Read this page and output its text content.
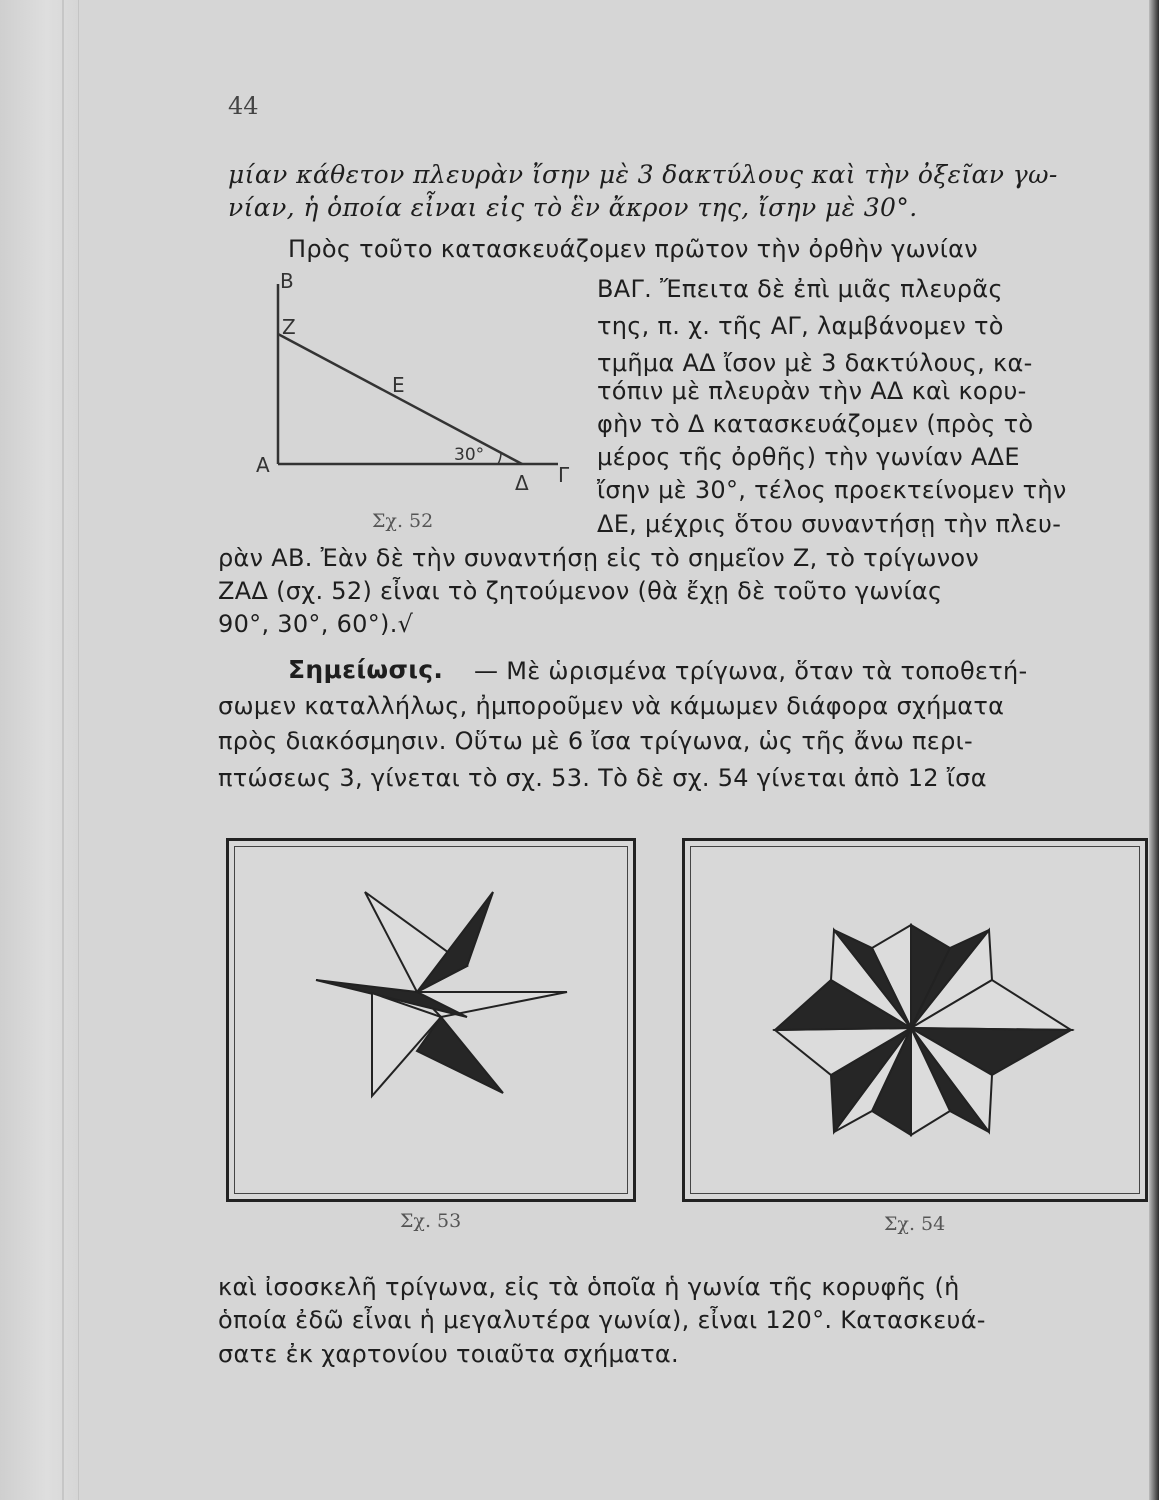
44
μίαν κάθετον πλευρὰν ἴσην μὲ 3 δακτύλους καὶ τὴν ὀξεῖαν γω-
νίαν, ἡ ὁποία εἶναι εἰς τὸ ἓν ἄκρον της, ἴσην μὲ 30°.
Πρὸς τοῦτο κατασκευάζομεν πρῶτον τὴν ὀρθὴν γωνίαν
ΒΑΓ. Ἔπειτα δὲ ἐπὶ μιᾶς πλευρᾶς
της, π. χ. τῆς ΑΓ, λαμβάνομεν τὸ
τμῆμα ΑΔ ἴσον μὲ 3 δακτύλους, κα-
τόπιν μὲ πλευρὰν τὴν ΑΔ καὶ κορυ-
φὴν τὸ Δ κατασκευάζομεν (πρὸς τὸ
μέρος τῆς ὀρθῆς) τὴν γωνίαν ΑΔΕ
ἴσην μὲ 30°, τέλος προεκτείνομεν τὴν
ΔΕ, μέχρις ὅτου συναντήσῃ τὴν πλευ-
ρὰν ΑΒ. Ἐὰν δὲ τὴν συναντήσῃ εἰς τὸ σημεῖον Ζ, τὸ τρίγωνον
ΖΑΔ (σχ. 52) εἶναι τὸ ζητούμενον (θὰ ἔχῃ δὲ τοῦτο γωνίας
90°, 30°, 60°).√
Σημείωσις. — Μὲ ὡρισμένα τρίγωνα, ὅταν τὰ τοποθετή-
σωμεν καταλλήλως, ἠμποροῦμεν νὰ κάμωμεν διάφορα σχήματα
πρὸς διακόσμησιν. Οὕτω μὲ 6 ἴσα τρίγωνα, ὡς τῆς ἄνω περι-
πτώσεως 3, γίνεται τὸ σχ. 53. Τὸ δὲ σχ. 54 γίνεται ἀπὸ 12 ἴσα
B
Z
E
Α	30°
Δ Γ
Σχ. 52
Σχ. 53	Σχ. 54
καὶ ἰσοσκελῆ τρίγωνα, εἰς τὰ ὁποῖα ἡ γωνία τῆς κορυφῆς (ἡ
ὁποία ἐδῶ εἶναι ἡ μεγαλυτέρα γωνία), εἶναι 120°. Κατασκευά-
σατε ἐκ χαρτονίου τοιαῦτα σχήματα.
